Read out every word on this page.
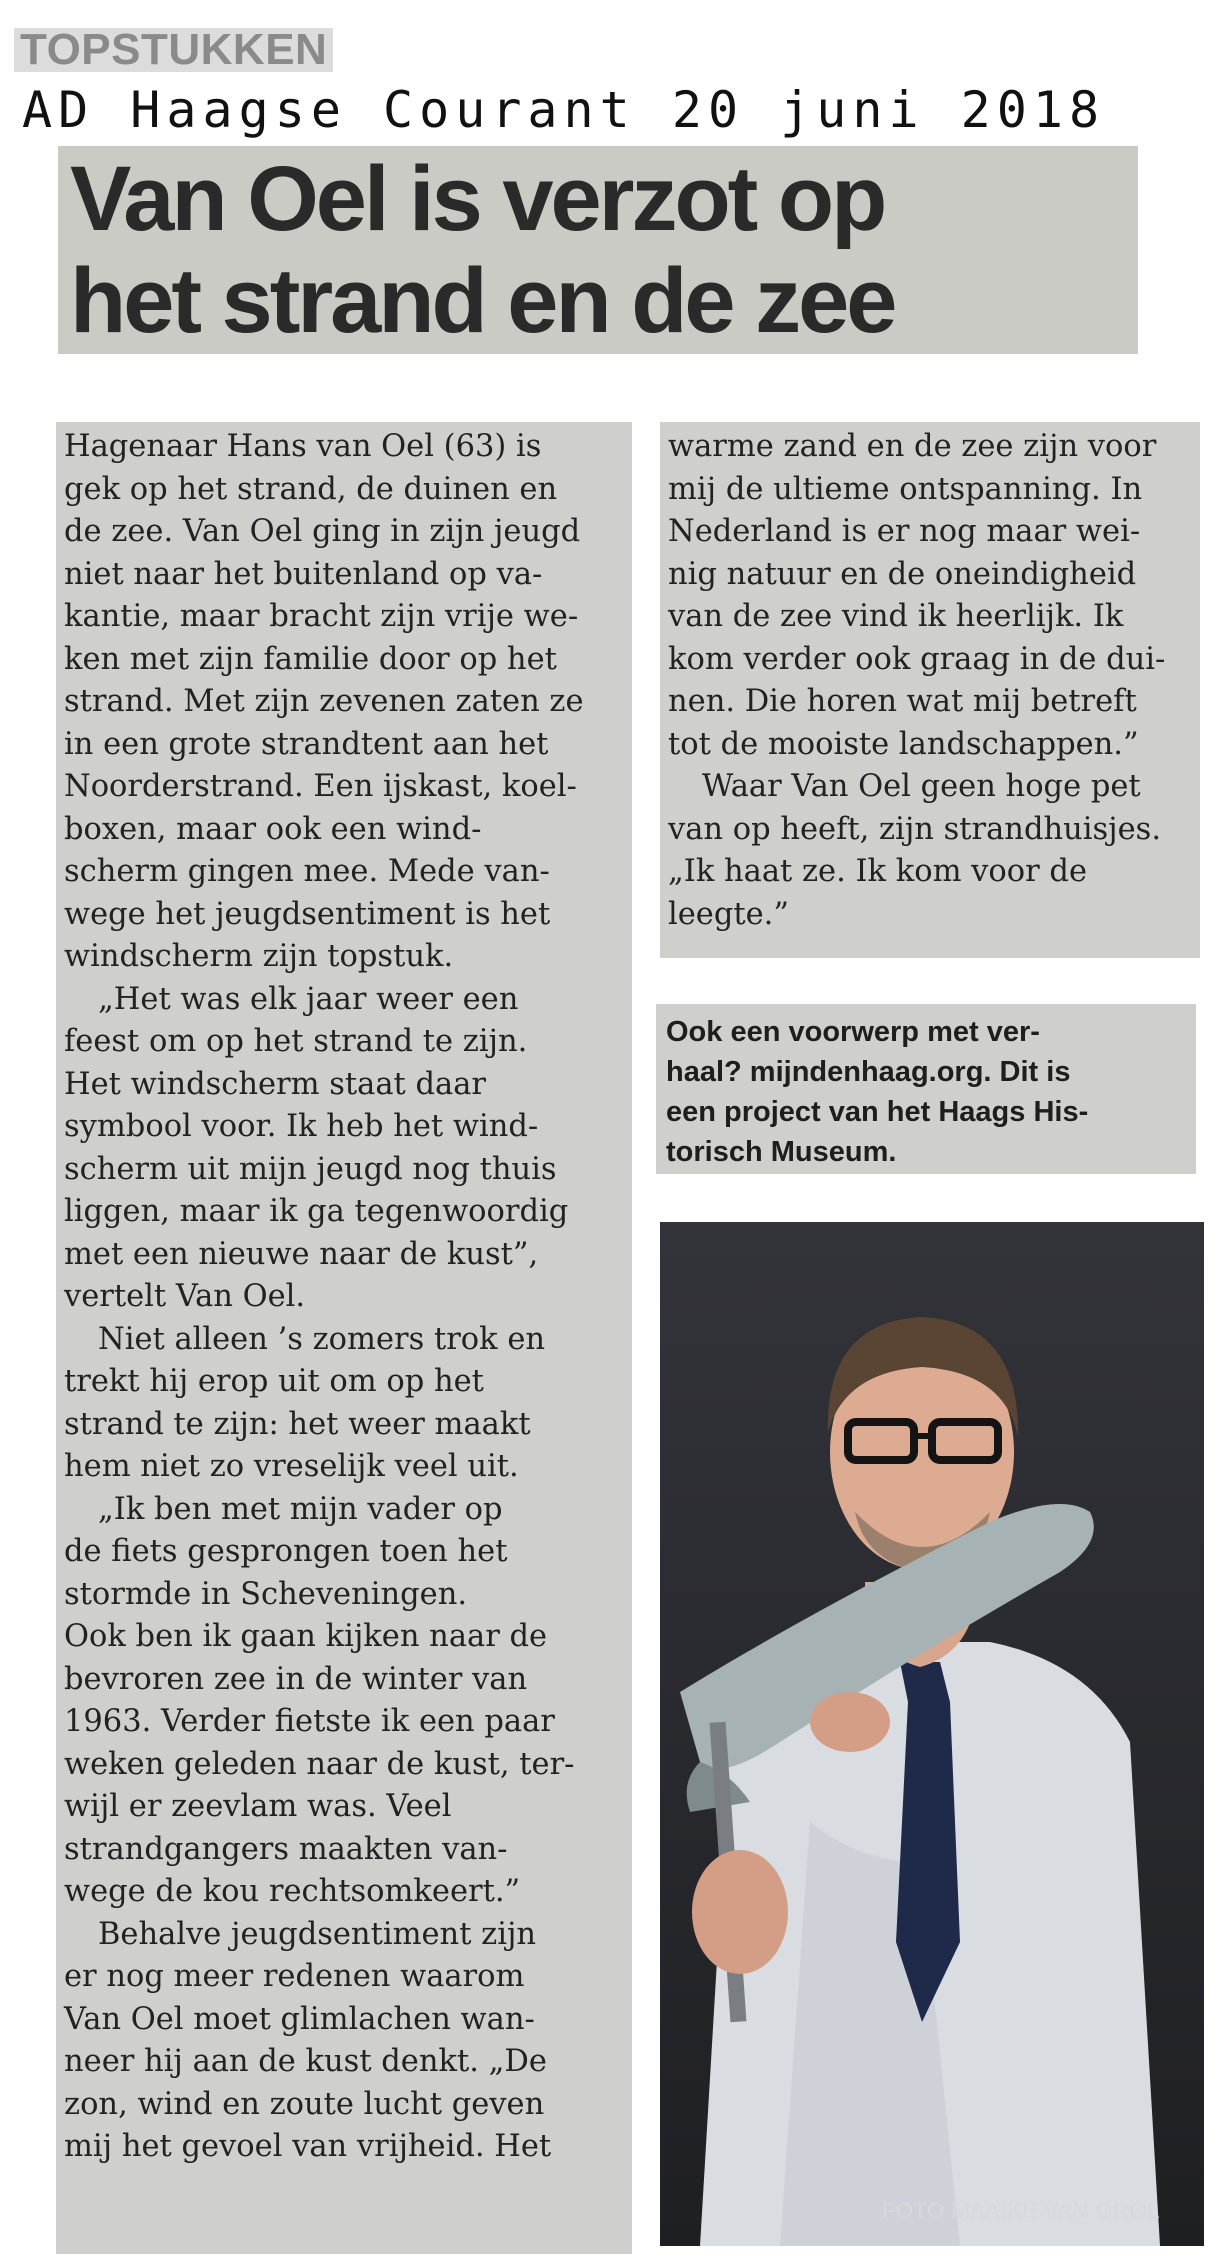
TOPSTUKKEN
AD Haagse Courant 20 juni 2018
Van Oel is verzot op
het strand en de zee

Hagenaar Hans van Oel (63) is
gek op het strand, de duinen en
de zee. Van Oel ging in zijn jeugd
niet naar het buitenland op va-
kantie, maar bracht zijn vrije we-
ken met zijn familie door op het
strand. Met zijn zevenen zaten ze
in een grote strandtent aan het
Noorderstrand. Een ijskast, koel-
boxen, maar ook een wind-
scherm gingen mee. Mede van-
wege het jeugdsentiment is het
windscherm zijn topstuk.

„Het was elk jaar weer een
feest om op het strand te zijn.
Het windscherm staat daar
symbool voor. Ik heb het wind-
scherm uit mijn jeugd nog thuis
liggen, maar ik ga tegenwoordig
met een nieuwe naar de kust”,
vertelt Van Oel.

Niet alleen ’s zomers trok en
trekt hij erop uit om op het
strand te zijn: het weer maakt
hem niet zo vreselijk veel uit.

„Ik ben met mijn vader op
de fiets gesprongen toen het
stormde in Scheveningen.
Ook ben ik gaan kijken naar de
bevroren zee in de winter van
1963. Verder fietste ik een paar
weken geleden naar de kust, ter-
wijl er zeevlam was. Veel
strandgangers maakten van-
wege de kou rechtsomkeert.”

Behalve jeugdsentiment zijn
er nog meer redenen waarom
Van Oel moet glimlachen wan-
neer hij aan de kust denkt. „De
zon, wind en zoute lucht geven
mij het gevoel van vrijheid. Het

warme zand en de zee zijn voor
mij de ultieme ontspanning. In
Nederland is er nog maar wei-
nig natuur en de oneindigheid
van de zee vind ik heerlijk. Ik
kom verder ook graag in de dui-
nen. Die horen wat mij betreft
tot de mooiste landschappen.”

Waar Van Oel geen hoge pet
van op heeft, zijn strandhuisjes.
„Ik haat ze. Ik kom voor de
leegte.”

Ook een voorwerp met ver-
haal? mijndenhaag.org. Dit is
een project van het Haags His-
torisch Museum.
FOTO MAAIKE VAN GROL
